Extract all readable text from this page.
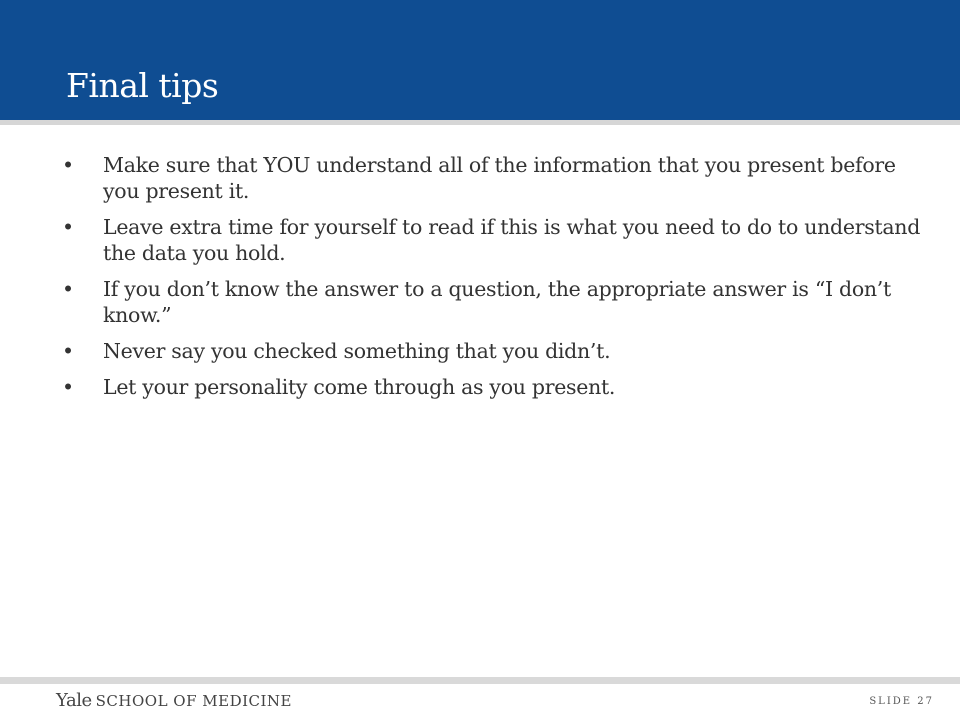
Final tips
• Make sure that YOU understand all of the information that you present before you present it.
• Leave extra time for yourself to read if this is what you need to do to understand the data you hold.
• If you don’t know the answer to a question, the appropriate answer is “I don’t know.”
• Never say you checked something that you didn’t.
• Let your personality come through as you present.
Yale SCHOOL OF MEDICINE	SLIDE 27
